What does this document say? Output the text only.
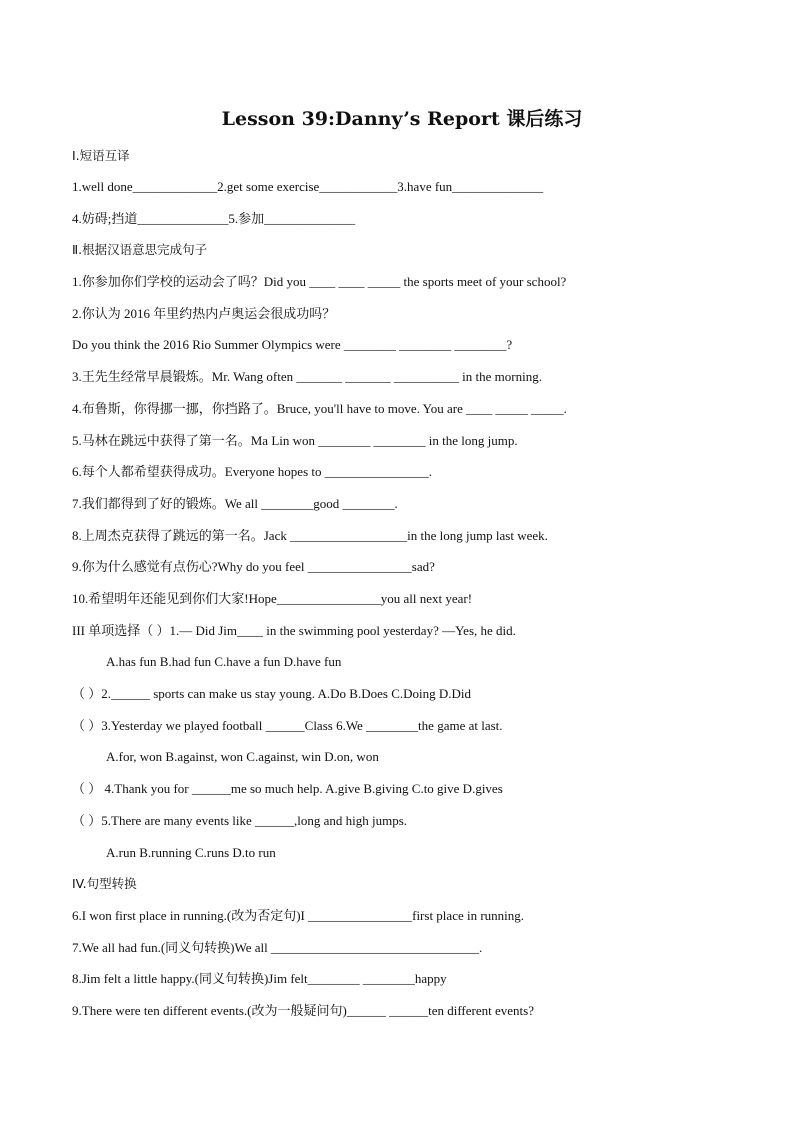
Lesson 39:Danny’s Report 课后练习
Ⅰ.短语互译
1.well done_____________2.get some exercise____________3.have fun______________
4.妨碍;挡道______________5.参加______________
Ⅱ.根据汉语意思完成句子
1.你参加你们学校的运动会了吗？Did you ____ ____ _____ the sports meet of your school?
2.你认为 2016 年里约热内卢奥运会很成功吗？
Do you think the 2016 Rio Summer Olympics were ________ ________ ________?
3.王先生经常早晨锻炼。Mr. Wang often _______ _______ __________ in the morning.
4.布鲁斯，你得挪一挪，你挡路了。Bruce, you'll have to move. You are ____ _____ _____.
5.马林在跳远中获得了第一名。Ma Lin won ________ ________ in the long jump.
6.每个人都希望获得成功。Everyone hopes to ________________.
7.我们都得到了好的锻炼。We all ________good ________.
8.上周杰克获得了跳远的第一名。Jack __________________in the long jump last week.
9.你为什么感觉有点伤心?Why do you feel ________________sad?
10.希望明年还能见到你们大家!Hope________________you all next year!
III 单项选择（ ）1.— Did Jim____ in the swimming pool yesterday? —Yes, he did.
A.has fun B.had fun C.have a fun D.have fun
（ ）2.______ sports can make us stay young. A.Do B.Does C.Doing D.Did
（ ）3.Yesterday we played football ______Class 6.We ________the game at last.
A.for, won B.against, won C.against, win D.on, won
（ ） 4.Thank you for ______me so much help. A.give B.giving C.to give D.gives
（ ）5.There are many events like ______,long and high jumps.
A.run B.running C.runs D.to run
IV.句型转换
6.I won first place in running.(改为否定句)I ________________first place in running.
7.We all had fun.(同义句转换)We all ________________________________.
8.Jim felt a little happy.(同义句转换)Jim felt________ ________happy
9.There were ten different events.(改为一般疑问句)______ ______ten different events?
